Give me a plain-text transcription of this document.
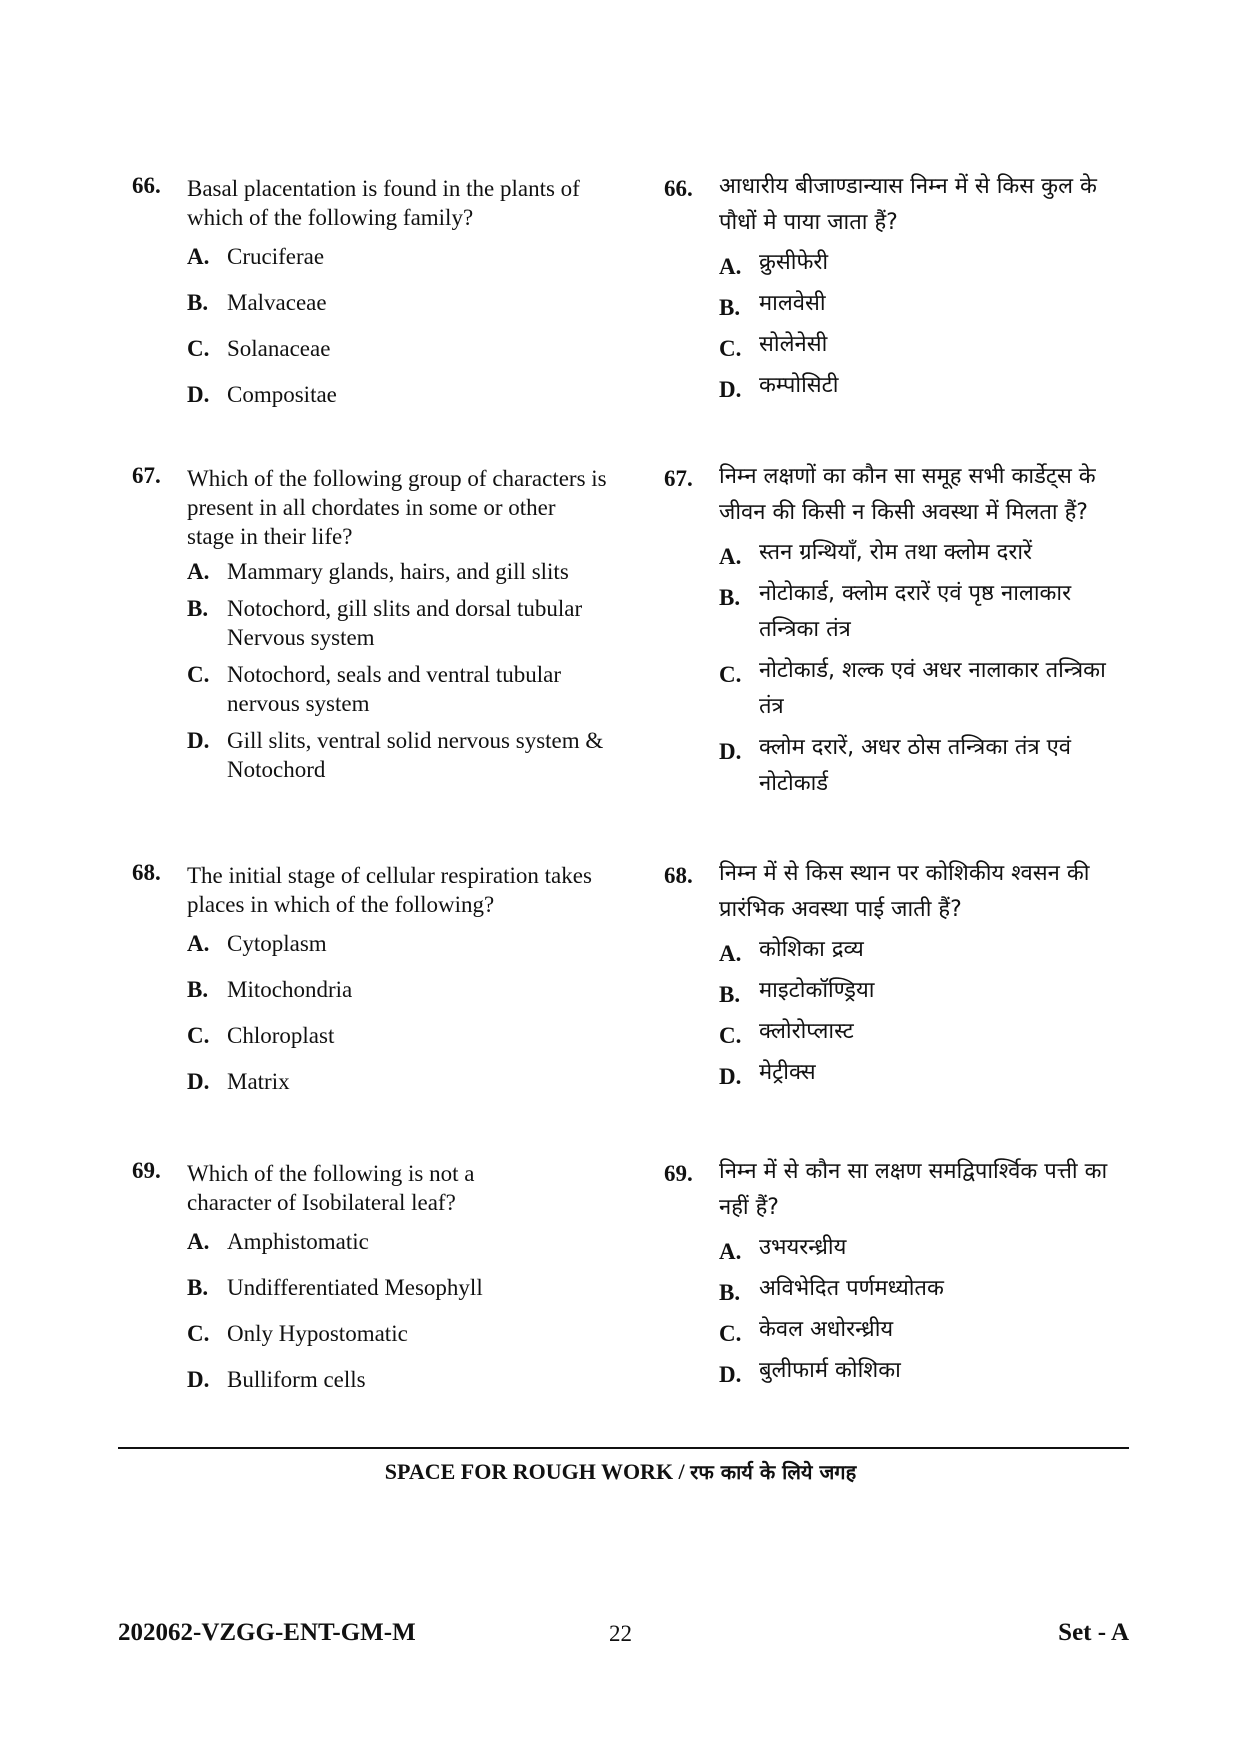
66. Basal placentation is found in the plants of which of the following family?
A. Cruciferae
B. Malvaceae
C. Solanaceae
D. Compositae
67. Which of the following group of characters is present in all chordates in some or other stage in their life?
A. Mammary glands, hairs, and gill slits
B. Notochord, gill slits and dorsal tubular Nervous system
C. Notochord, seals and ventral tubular nervous system
D. Gill slits, ventral solid nervous system & Notochord
68. The initial stage of cellular respiration takes places in which of the following?
A. Cytoplasm
B. Mitochondria
C. Chloroplast
D. Matrix
69. Which of the following is not a character of Isobilateral leaf?
A. Amphistomatic
B. Undifferentiated Mesophyll
C. Only Hypostomatic
D. Bulliform cells
66. आधारीय बीजाण्डान्यास निम्न में से किस कुल के पौधों मे पाया जाता हैं?
A. क्रुसीफेरी
B. मालवेसी
C. सोलेनेसी
D. कम्पोसिटी
67. निम्न लक्षणों का कौन सा समूह सभी कार्डेट्स के जीवन की किसी न किसी अवस्था में मिलता हैं?
A. स्तन ग्रन्थियाँ, रोम तथा क्लोम दरारें
B. नोटोकार्ड, क्लोम दरारें एवं पृष्ठ नालाकार तन्त्रिका तंत्र
C. नोटोकार्ड, शल्क एवं अधर नालाकार तन्त्रिका तंत्र
D. क्लोम दरारें, अधर ठोस तन्त्रिका तंत्र एवं नोटोकार्ड
68. निम्न में से किस स्थान पर कोशिकीय श्वसन की प्रारंभिक अवस्था पाई जाती हैं?
A. कोशिका द्रव्य
B. माइटोकॉण्ड्रिया
C. क्लोरोप्लास्ट
D. मेट्रीक्स
69. निम्न में से कौन सा लक्षण समद्विपार्श्विक पत्ती का नहीं हैं?
A. उभयरन्ध्रीय
B. अविभेदित पर्णमध्योतक
C. केवल अधोरन्ध्रीय
D. बुलीफार्म कोशिका
SPACE FOR ROUGH WORK / रफ कार्य के लिये जगह
202062-VZGG-ENT-GM-M	22	Set - A
